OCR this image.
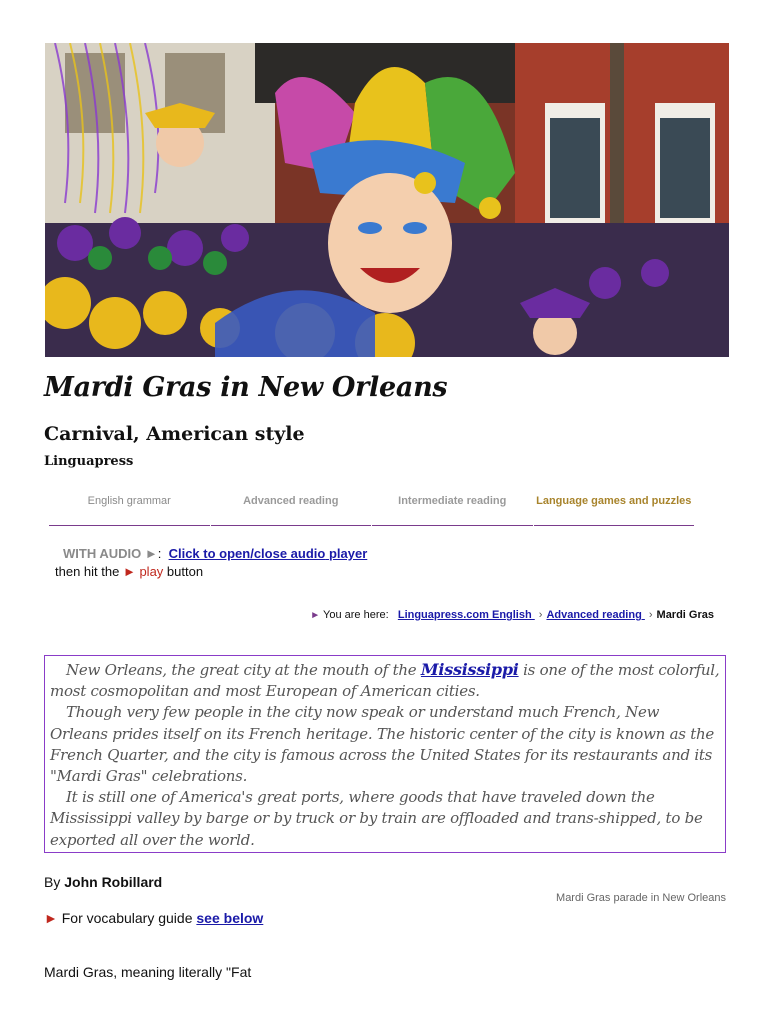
Mardi Gras in New Orleans
Carnival, American style
Linguapress
English grammar	Advanced reading	Intermediate reading	Language games and puzzles
WITH AUDIO ►: Click to open/close audio player then hit the ► play button
► You are here: Linguapress.com English › Advanced reading › Mardi Gras

New Orleans, the great city at the mouth of the Mississippi is one of the most colorful, most cosmopolitan and most European of American cities.

Though very few people in the city now speak or understand much French, New Orleans prides itself on its French heritage. The historic center of the city is known as the French Quarter, and the city is famous across the United States for its restaurants and its "Mardi Gras" celebrations.

It is still one of America's great ports, where goods that have traveled down the Mississippi valley by barge or by truck or by train are offloaded and trans-shipped, to be exported all over the world.

By John Robillard
Mardi Gras parade in New Orleans
► For vocabulary guide see below
Mardi Gras, meaning literally "Fat
